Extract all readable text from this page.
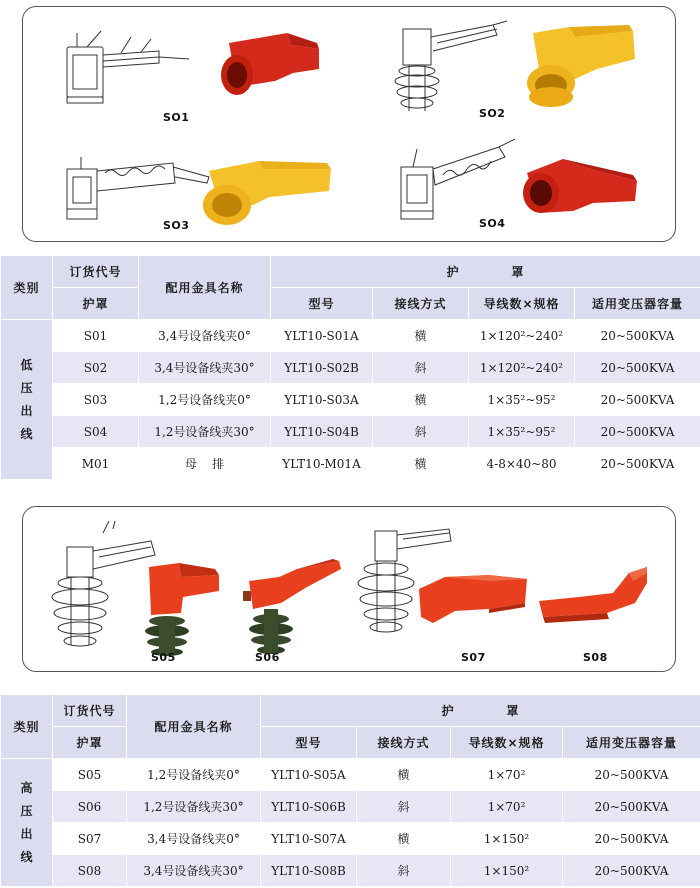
SO1	SO2
SO3	SO4
类别	订货代号	配用金具名称	护          罩			
	护罩		型号	接线方式	导线数×规格	适用变压器容量
低压出线	S01	3,4号设备线夹0°	YLT10-S01A	横	1×120²~240²	20~500KVA
	S02	3,4号设备线夹30°	YLT10-S02B	斜	1×120²~240²	20~500KVA
	S03	1,2号设备线夹0°	YLT10-S03A	横	1×35²~95²	20~500KVA
	S04	1,2号设备线夹30°	YLT10-S04B	斜	1×35²~95²	20~500KVA
	M01	母    排	YLT10-M01A	横	4-8×40~80	20~500KVA
S05	S06	S07	S08
类别	订货代号	配用金具名称	护          罩			
	护罩		型号	接线方式	导线数×规格	适用变压器容量
高压出线	S05	1,2号设备线夹0°	YLT10-S05A	横	1×70²	20~500KVA
	S06	1,2号设备线夹30°	YLT10-S06B	斜	1×70²	20~500KVA
	S07	3,4号设备线夹0°	YLT10-S07A	横	1×150²	20~500KVA
	S08	3,4号设备线夹30°	YLT10-S08B	斜	1×150²	20~500KVA
